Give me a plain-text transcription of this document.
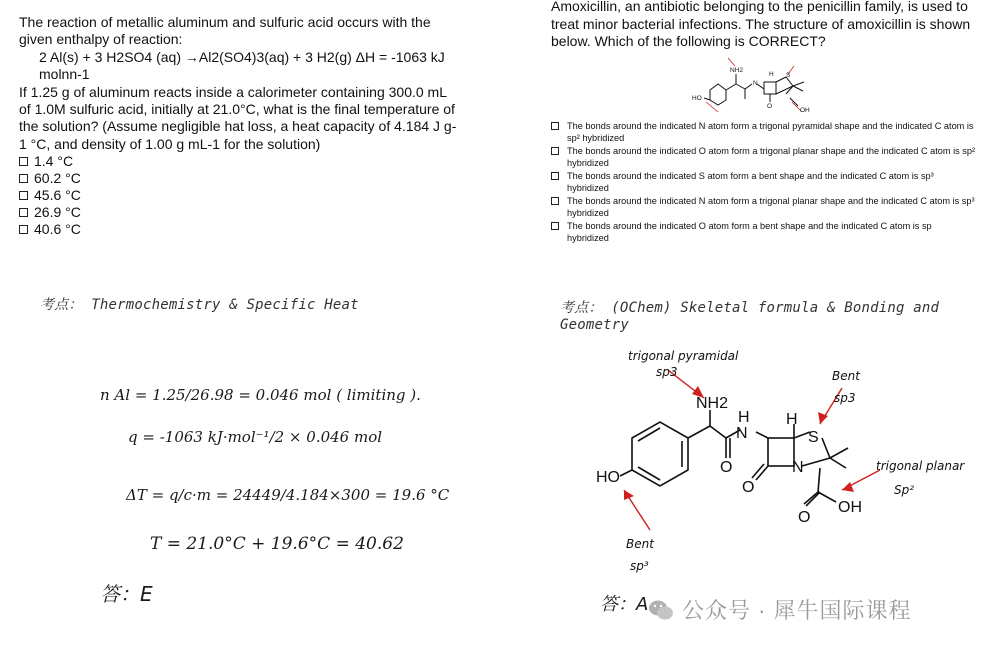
The reaction of metallic aluminum and sulfuric acid occurs with the given enthalpy of reaction:
2 Al(s) + 3 H2SO4 (aq) →Al2(SO4)3(aq) + 3 H2(g) ΔH = -1063 kJ molnn-1
If 1.25 g of aluminum reacts inside a calorimeter containing 300.0 mL of 1.0M sulfuric acid, initially at 21.0°C, what is the final temperature of the solution? (Assume negligible hat loss, a heat capacity of 4.184 J g-1 °C, and density of 1.00 g mL-1 for the solution)
1.4 °C
60.2 °C
45.6 °C
26.9 °C
40.6 °C
Amoxicillin, an antibiotic belonging to the penicillin family, is used to treat minor bacterial infections. The structure of amoxicillin is shown below. Which of the following is CORRECT?
NH2
HO
N
H S
O
OH
The bonds around the indicated N atom form a trigonal pyramidal shape and the indicated C atom is sp² hybridized
The bonds around the indicated O atom form a trigonal planar shape and the indicated C atom is sp² hybridized
The bonds around the indicated S atom form a bent shape and the indicated C atom is sp³ hybridized
The bonds around the indicated N atom form a trigonal planar shape and the indicated C atom is sp³ hybridized
The bonds around the indicated O atom form a bent shape and the indicated C atom is sp hybridized
考点： Thermochemistry & Specific Heat
n Al = 1.25/26.98 = 0.046 mol ( limiting ).
q = -1063 kJ·mol⁻¹/2 × 0.046 mol
ΔT = q/c·m = 24449/4.184×300 = 19.6 °C
T = 21.0°C + 19.6°C = 40.62
答：E
考点： (OChem) Skeletal formula & Bonding and Geometry
NH2
H
N
H
S
N
HO
O
O
O
OH
trigonal pyramidal
sp3	Bent
sp3
trigonal planar
Sp²
Bent
sp³
答：A 公众号 · 犀牛国际课程
